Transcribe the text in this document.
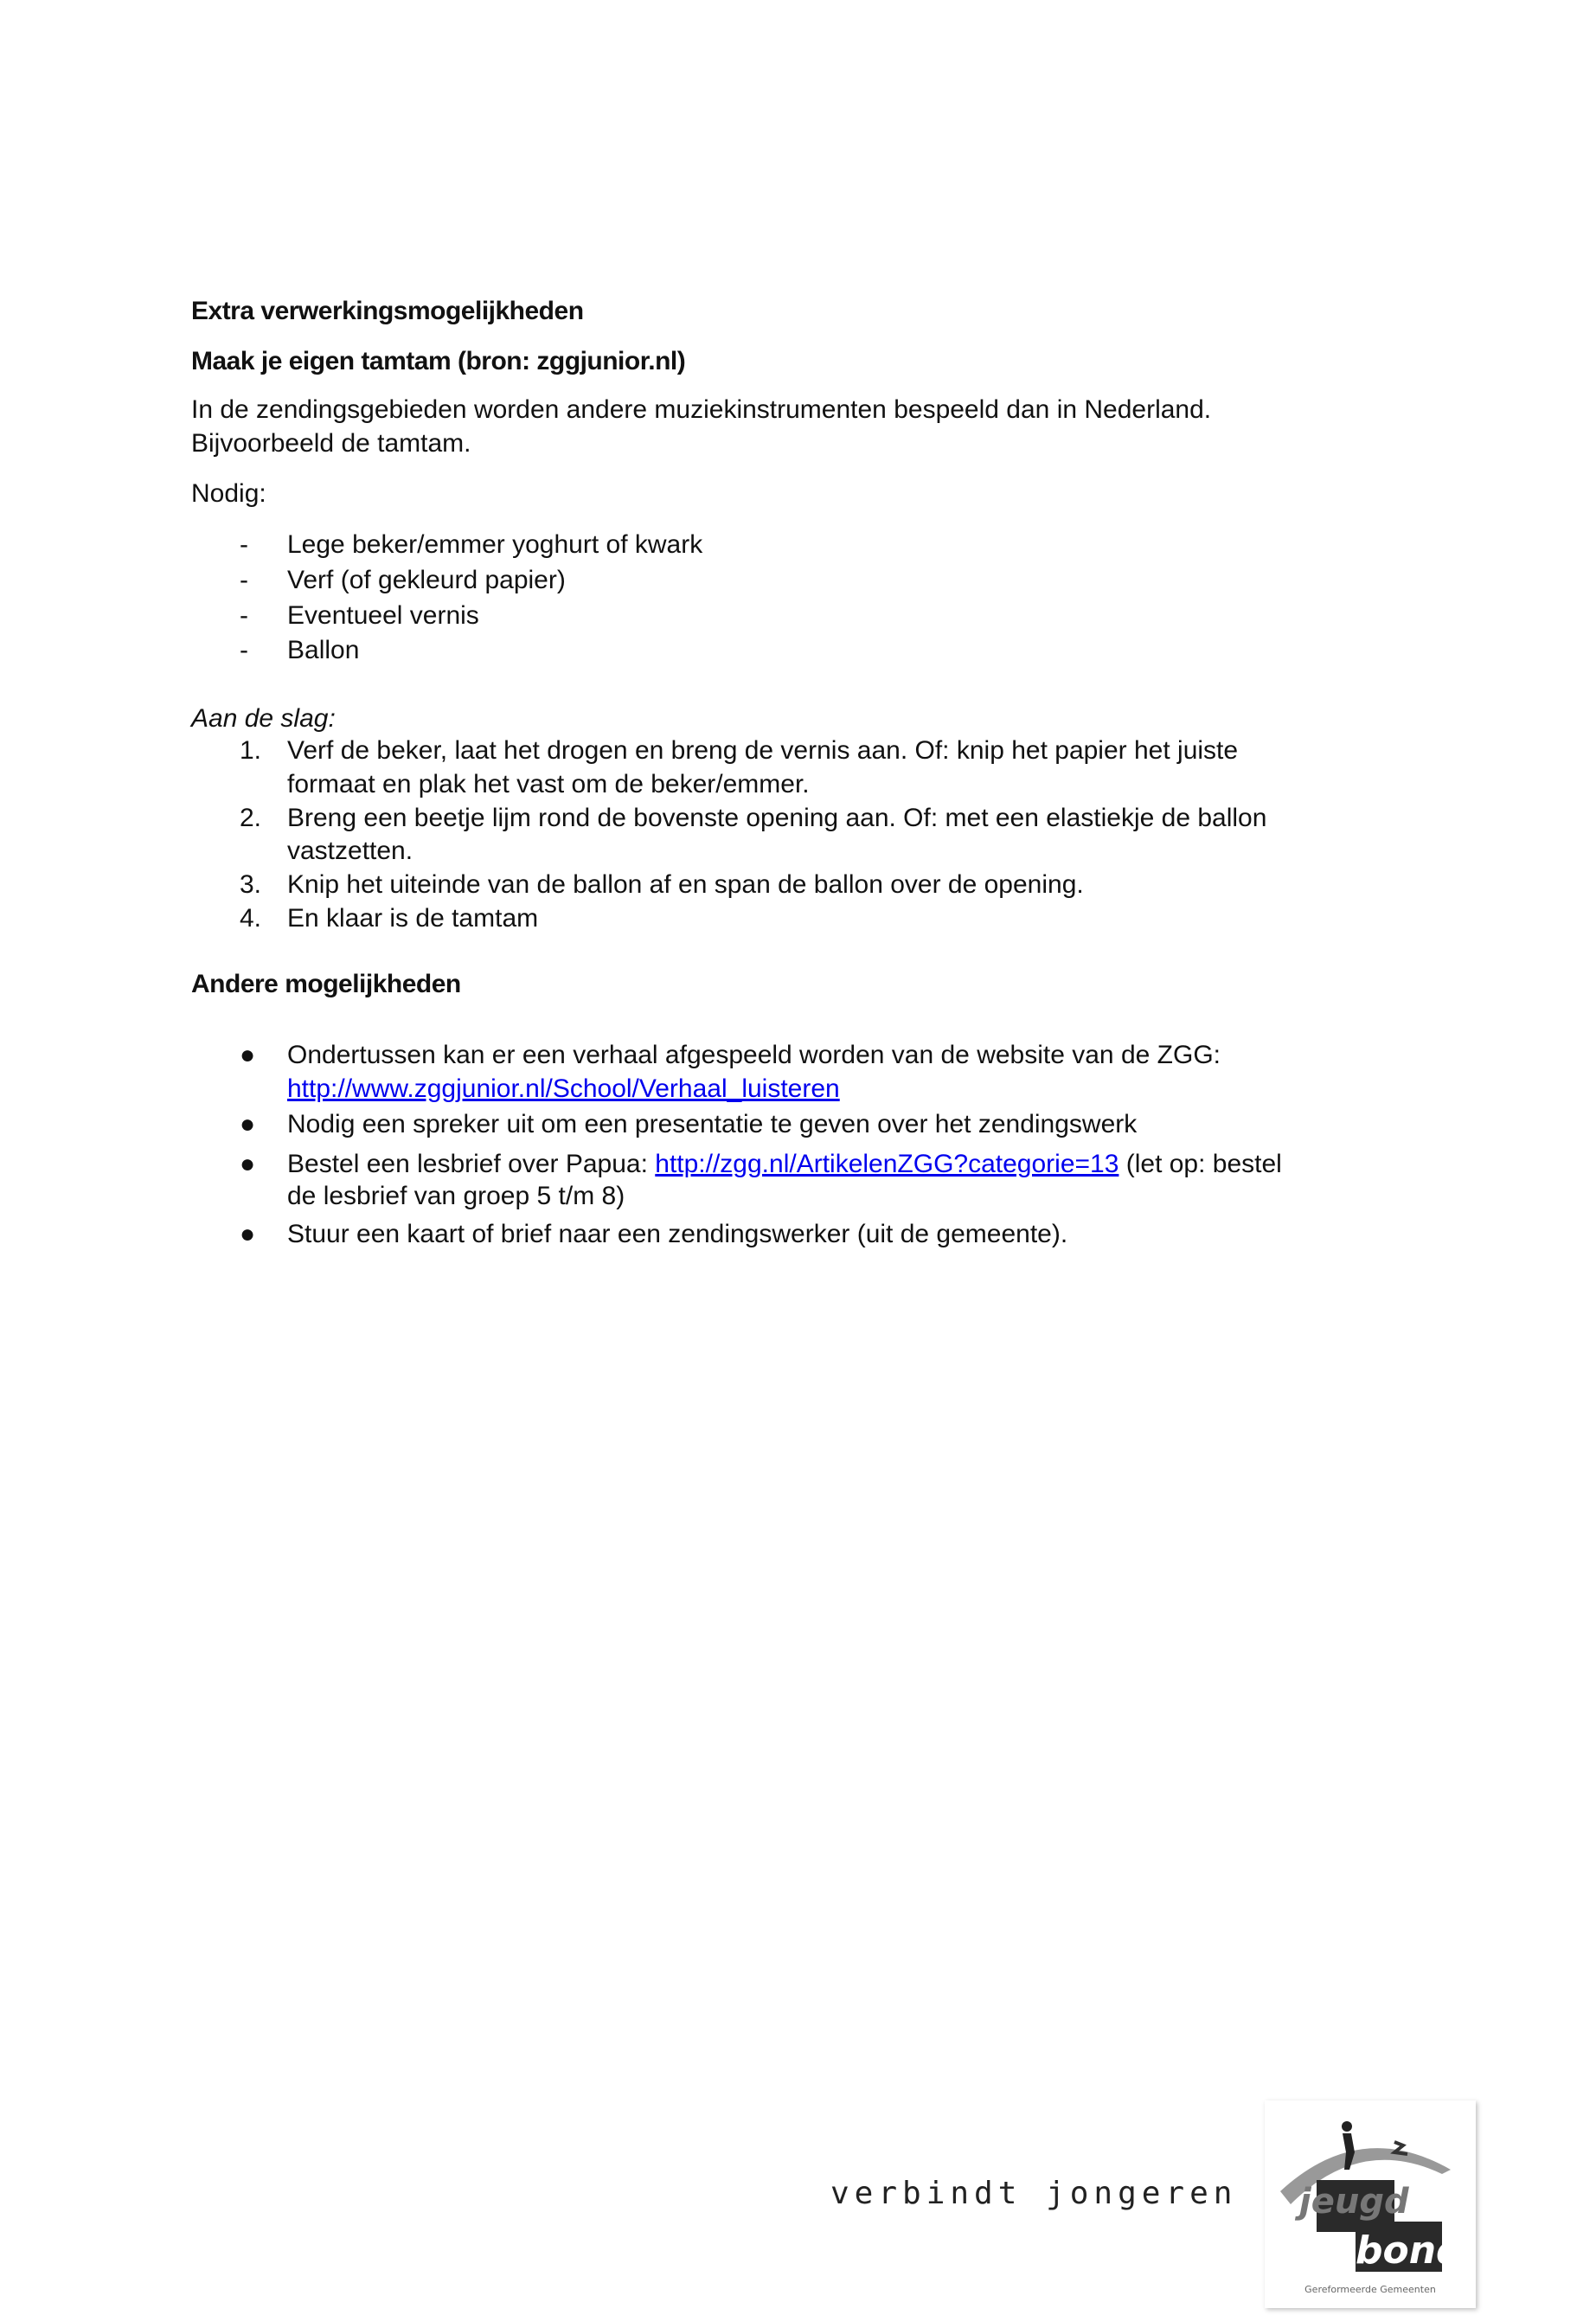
Extra verwerkingsmogelijkheden
Maak je eigen tamtam (bron: zggjunior.nl)
In de zendingsgebieden worden andere muziekinstrumenten bespeeld dan in Nederland.
Bijvoorbeeld de tamtam.
Nodig:
- Lege beker/emmer yoghurt of kwark
- Verf (of gekleurd papier)
- Eventueel vernis
- Ballon
Aan de slag:
1. Verf de beker, laat het drogen en breng de vernis aan. Of: knip het papier het juiste
formaat en plak het vast om de beker/emmer.
2. Breng een beetje lijm rond de bovenste opening aan. Of: met een elastiekje de ballon
vastzetten.
3. Knip het uiteinde van de ballon af en span de ballon over de opening.
4. En klaar is de tamtam
Andere mogelijkheden
● Ondertussen kan er een verhaal afgespeeld worden van de website van de ZGG:
http://www.zggjunior.nl/School/Verhaal_luisteren
● Nodig een spreker uit om een presentatie te geven over het zendingswerk
● Bestel een lesbrief over Papua: http://zgg.nl/ArtikelenZGG?categorie=13 (let op: bestel
de lesbrief van groep 5 t/m 8)
● Stuur een kaart of brief naar een zendingswerker (uit de gemeente).
verbindt jongeren jeugd
bond
Gereformeerde Gemeenten
